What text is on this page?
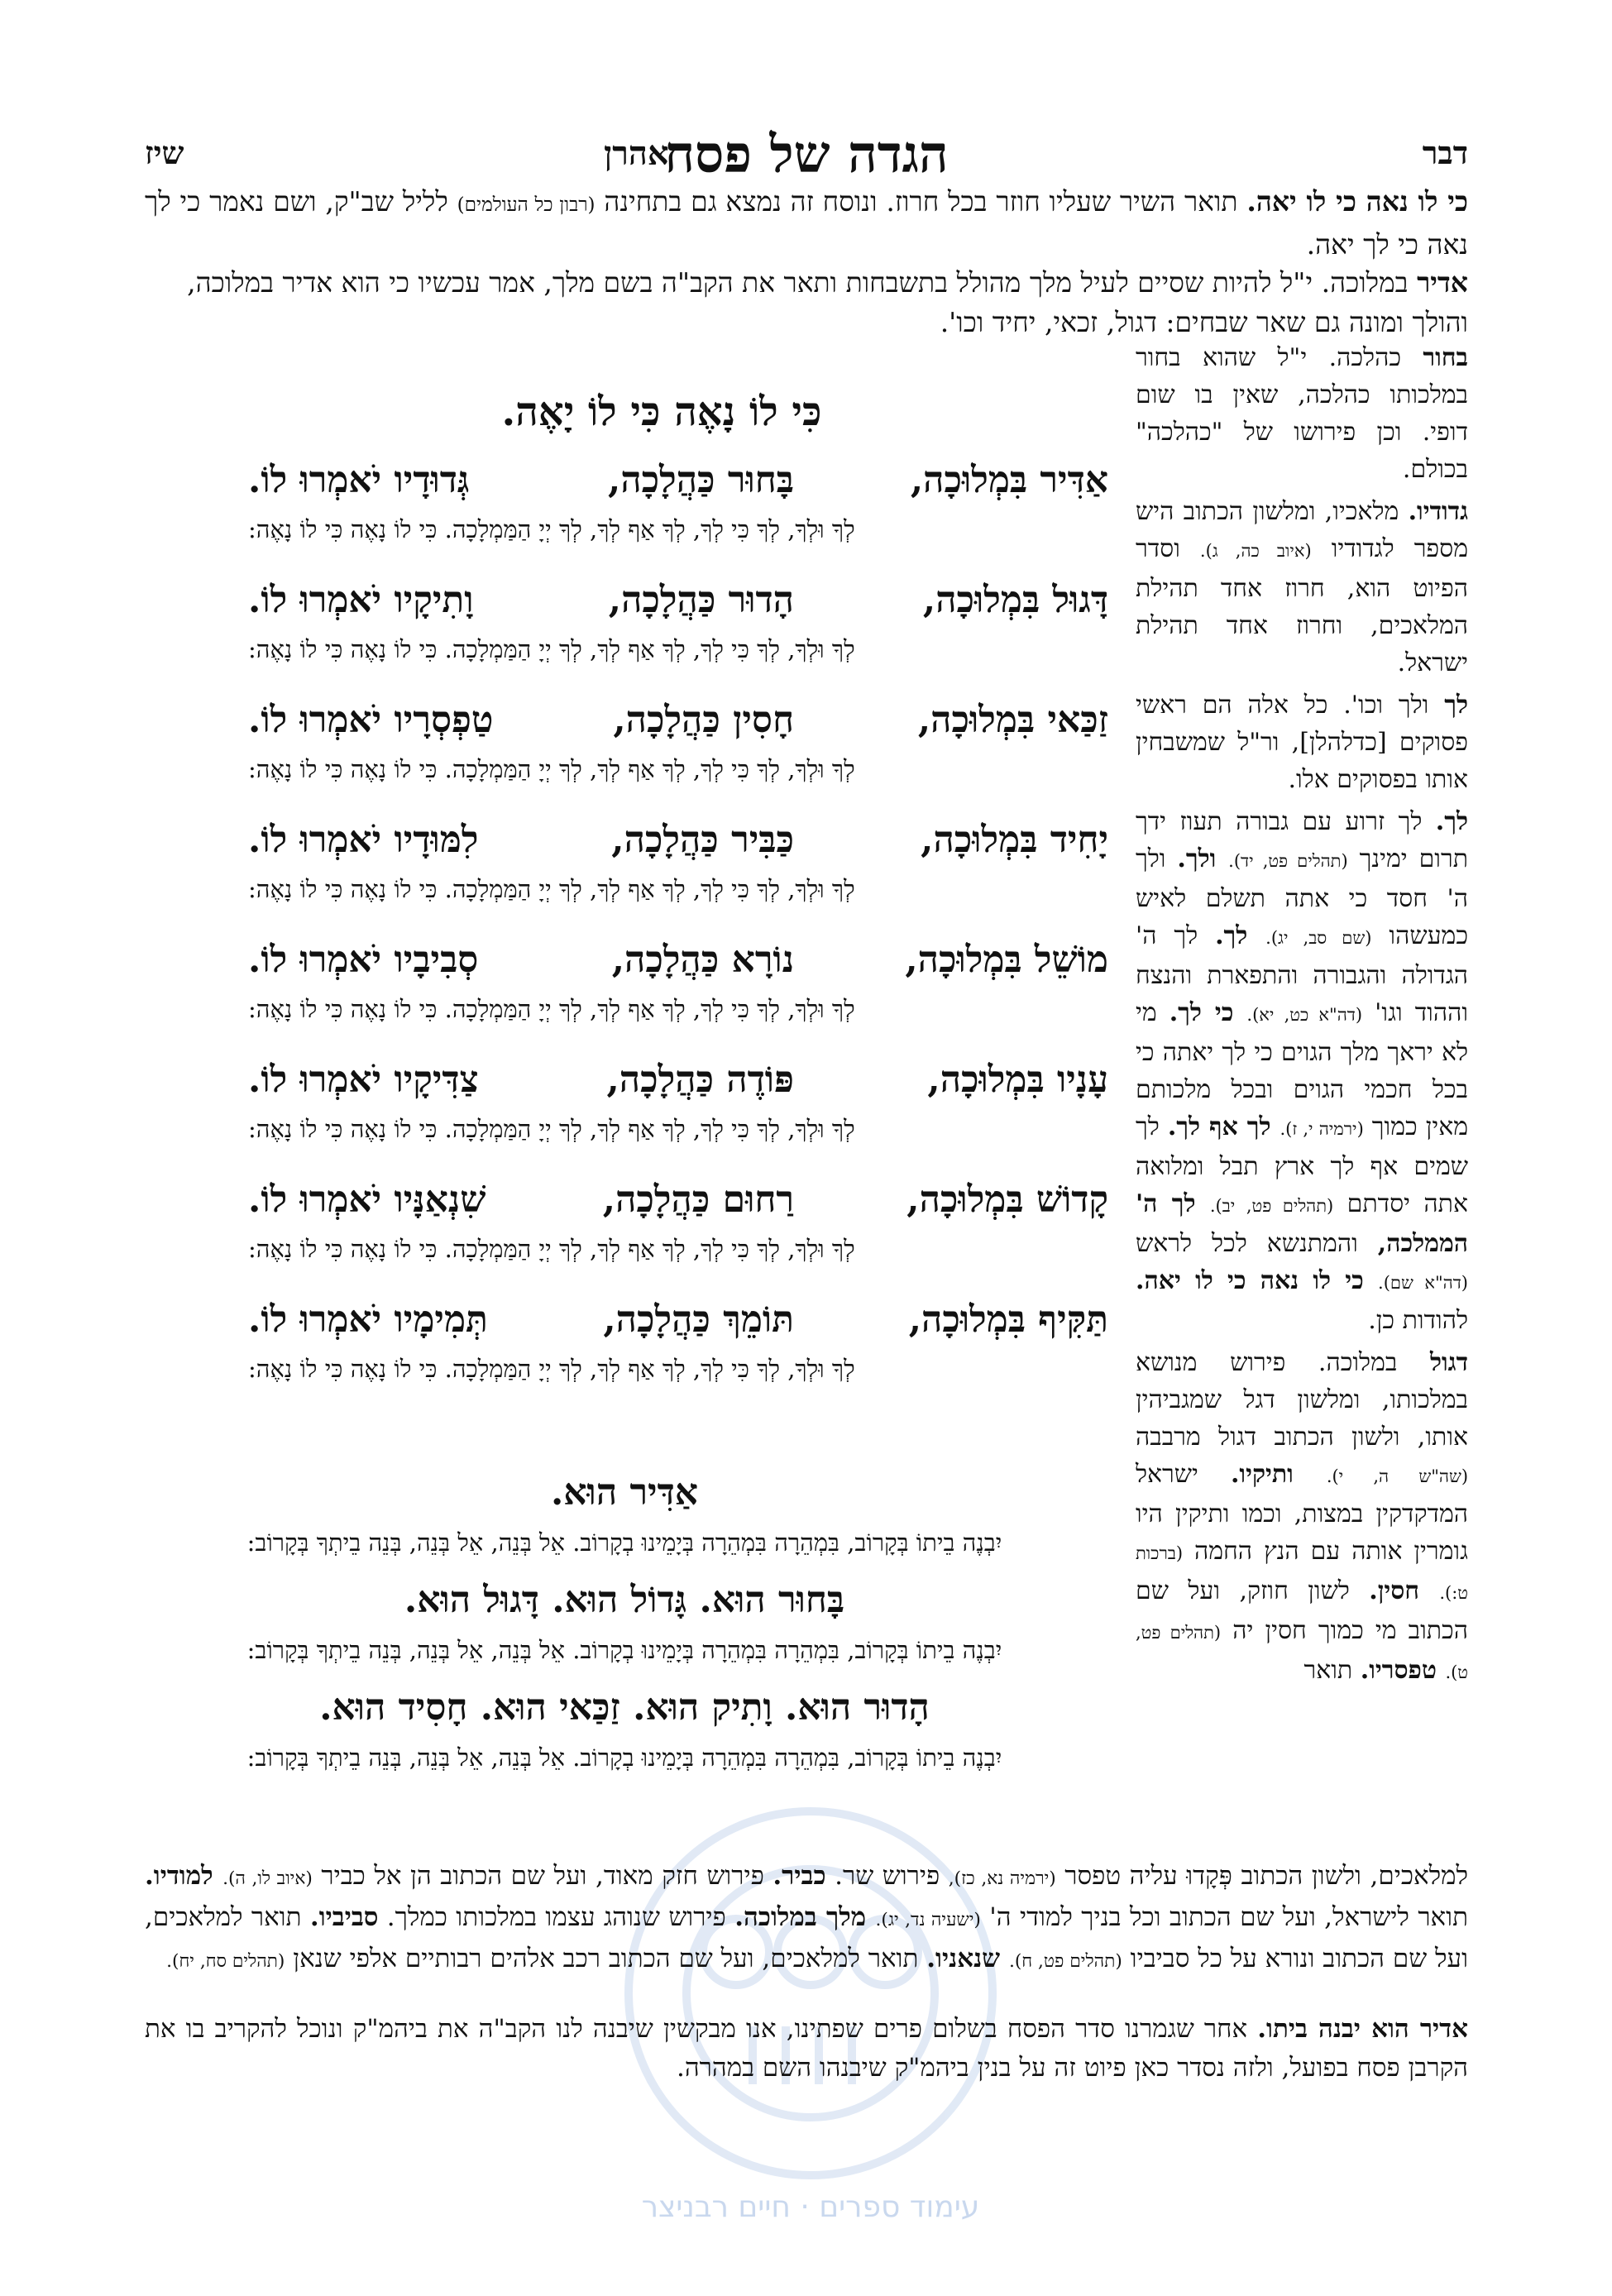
דבר
הגדה של פסח
אהרן
שיז
כי לו נאה כי לו יאה. תואר השיר שעליו חוזר בכל חרוז. ונוסח זה נמצא גם בתחינה (רבון כל העולמים) לליל שב"ק, ושם נאמר כי לך נאה כי לך יאה.
אדיר במלוכה. י"ל להיות שסיים לעיל מלך מהולל בתשבחות ותאר את הקב"ה בשם מלך, אמר עכשיו כי הוא אדיר במלוכה,
והולך ומונה גם שאר שבחים: דגול, זכאי, יחיד וכו'.

בחור כהלכה. י"ל שהוא בחור במלכותו כהלכה, שאין בו שום דופי. וכן פירושו של "כהלכה" בכולם.

גדודיו. מלאכיו, ומלשון הכתוב היש מספר לגדודיו (איוב כה, ג). וסדר הפיוט הוא, חרוז אחד תהילת המלאכים, וחרוז אחד תהילת ישראל.

לך ולך וכו'. כל אלה הם ראשי פסוקים [כדלהלן], ור"ל שמשבחין אותו בפסוקים אלו.

לך. לך זרוע עם גבורה תעוז ידך תרום ימינך (תהלים פט, יד). ולך. ולך ה' חסד כי אתה תשלם לאיש כמעשהו (שם סב, יג). לך. לך ה' הגדולה והגבורה והתפארת והנצח וההוד וגו' (דה"א כט, יא). כי לך. מי לא יראך מלך הגוים כי לך יאתה כי בכל חכמי הגוים ובכל מלכותם מאין כמוך (ירמיה י, ז). לך אף לך. לך שמים אף לך ארץ תבל ומלואה אתה יסדתם (תהלים פט, יב). לך ה' הממלכה, והמתנשא לכל לראש (דה"א שם). כי לו נאה כי לו יאה. להודות כן.

דגול במלוכה. פירוש מנושא במלכותו, ומלשון דגל שמגביהין אותו, ולשון הכתוב דגול מרבבה (שה"ש ה, י). ותיקיו. ישראל המדקדקין במצות, וכמו ותיקין היו גומרין אותה עם הנץ החמה (ברכות ט:). חסין. לשון חוזק, ועל שם הכתוב מי כמוך חסין יה (תהלים פט, ט). טפסריו. תואר

כִּי לוֹ נָאֶה כִּי לוֹ יָאֶה.
אַדִּיר בִּמְלוּכָה,
בָּחוּר כַּהֲלָכָה,
גְּדוּדָיו יֹאמְרוּ לוֹ.
לְךָ וּלְךָ, לְךָ כִּי לְךָ, לְךָ אַף לְךָ, לְךָ יְיָ הַמַּמְלָכָה. כִּי לוֹ נָאֶה כִּי לוֹ נָאֶה:
דָּגוּל בִּמְלוּכָה,
הָדוּר כַּהֲלָכָה,
וָתִיקָיו יֹאמְרוּ לוֹ.
לְךָ וּלְךָ, לְךָ כִּי לְךָ, לְךָ אַף לְךָ, לְךָ יְיָ הַמַּמְלָכָה. כִּי לוֹ נָאֶה כִּי לוֹ נָאֶה:
זַכַּאי בִּמְלוּכָה,
חָסִין כַּהֲלָכָה,
טַפְסְרָיו יֹאמְרוּ לוֹ.
לְךָ וּלְךָ, לְךָ כִּי לְךָ, לְךָ אַף לְךָ, לְךָ יְיָ הַמַּמְלָכָה. כִּי לוֹ נָאֶה כִּי לוֹ נָאֶה:
יָחִיד בִּמְלוּכָה,
כַּבִּיר כַּהֲלָכָה,
לִמּוּדָיו יֹאמְרוּ לוֹ.
לְךָ וּלְךָ, לְךָ כִּי לְךָ, לְךָ אַף לְךָ, לְךָ יְיָ הַמַּמְלָכָה. כִּי לוֹ נָאֶה כִּי לוֹ נָאֶה:
מוֹשֵׁל בִּמְלוּכָה,
נוֹרָא כַּהֲלָכָה,
סְבִיבָיו יֹאמְרוּ לוֹ.
לְךָ וּלְךָ, לְךָ כִּי לְךָ, לְךָ אַף לְךָ, לְךָ יְיָ הַמַּמְלָכָה. כִּי לוֹ נָאֶה כִּי לוֹ נָאֶה:
עָנָיו בִּמְלוּכָה,
פּוֹדֶה כַּהֲלָכָה,
צַדִּיקָיו יֹאמְרוּ לוֹ.
לְךָ וּלְךָ, לְךָ כִּי לְךָ, לְךָ אַף לְךָ, לְךָ יְיָ הַמַּמְלָכָה. כִּי לוֹ נָאֶה כִּי לוֹ נָאֶה:
קָדוֹשׁ בִּמְלוּכָה,
רַחוּם כַּהֲלָכָה,
שִׁנְאַנָּיו יֹאמְרוּ לוֹ.
לְךָ וּלְךָ, לְךָ כִּי לְךָ, לְךָ אַף לְךָ, לְךָ יְיָ הַמַּמְלָכָה. כִּי לוֹ נָאֶה כִּי לוֹ נָאֶה:
תַּקִּיף בִּמְלוּכָה,
תּוֹמֵךְ כַּהֲלָכָה,
תְּמִימָיו יֹאמְרוּ לוֹ.
לְךָ וּלְךָ, לְךָ כִּי לְךָ, לְךָ אַף לְךָ, לְךָ יְיָ הַמַּמְלָכָה. כִּי לוֹ נָאֶה כִּי לוֹ נָאֶה:
אַדִּיר הוּא.
יִבְנֶה בֵיתוֹ בְּקָרוֹב, בִּמְהֵרָה בִּמְהֵרָה בְּיָמֵינוּ בְקָרוֹב. אֵל בְּנֵה, אֵל בְּנֵה, בְּנֵה בֵיתְךָ בְּקָרוֹב:
בָּחוּר הוּא. גָּדוֹל הוּא. דָּגוּל הוּא.
יִבְנֶה בֵיתוֹ בְּקָרוֹב, בִּמְהֵרָה בִּמְהֵרָה בְּיָמֵינוּ בְקָרוֹב. אֵל בְּנֵה, אֵל בְּנֵה, בְּנֵה בֵיתְךָ בְּקָרוֹב:
הָדוּר הוּא. וָתִיק הוּא. זַכַּאי הוּא. חָסִיד הוּא.
יִבְנֶה בֵיתוֹ בְּקָרוֹב, בִּמְהֵרָה בִּמְהֵרָה בְּיָמֵינוּ בְקָרוֹב. אֵל בְּנֵה, אֵל בְּנֵה, בְּנֵה בֵיתְךָ בְּקָרוֹב:
עימוד ספרים · חיים רבניצר
למלאכים, ולשון הכתוב פְּקָדוּ עליה טפסר (ירמיה נא, כז), פירוש שר. כביר. פירוש חזק מאוד, ועל שם הכתוב הן אל כביר (איוב לו, ה). למודיו. תואר לישראל, ועל שם הכתוב וכל בניך למודי ה' (ישעיה נד, יג). מלך במלוכה. פירוש שנוהג עצמו במלכותו כמלך. סביביו. תואר למלאכים, ועל שם הכתוב ונורא על כל סביביו (תהלים פט, ח). שנאניו. תואר למלאכים, ועל שם הכתוב רכב אלהים רבותיים אלפי שנאן (תהלים סח, יח).
אדיר הוא יבנה ביתו. אחר שגמרנו סדר הפסח בשלום פרים שפתינו, אנו מבקשין שיבנה לנו הקב"ה את ביהמ"ק ונוכל להקריב בו את הקרבן פסח בפועל, ולזה נסדר כאן פיוט זה על בנין ביהמ"ק שיבנהו השם במהרה.
